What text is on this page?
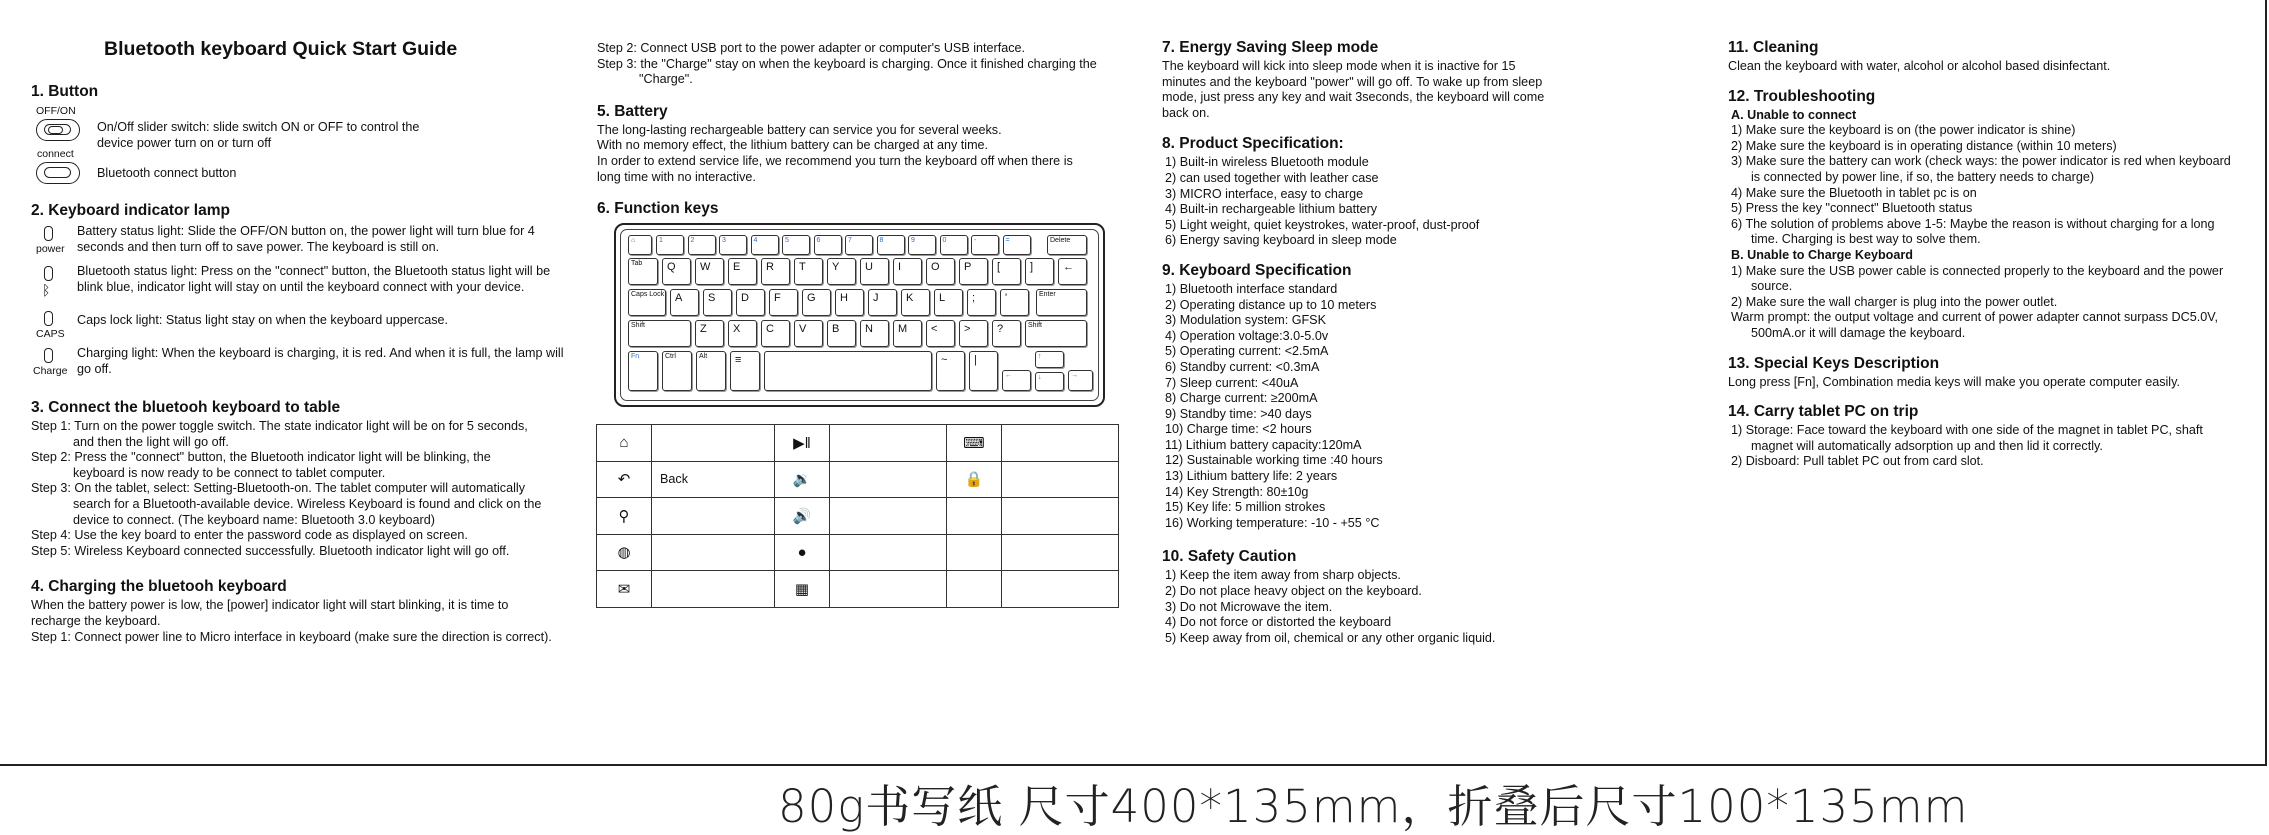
Bluetooth keyboard Quick Start Guide
1. Button
OFF/ON

On/Off slider switch: slide switch ON or OFF to control the device power turn on or turn off

connect

Bluetooth connect button

2. Keyboard indicator lamp
power

Battery status light: Slide the OFF/ON button on, the power light will turn blue for 4 seconds and then turn off to save power. The keyboard is still on.

ᛒ

Bluetooth status light: Press on the "connect" button, the Bluetooth status light will be blink blue, indicator light will stay on until the keyboard connect with your device.

CAPS

Caps lock light: Status light stay on when the keyboard uppercase.

Charge

Charging light: When the keyboard is charging, it is red. And when it is full, the lamp will go off.

3. Connect the bluetooh keyboard to table

Step 1: Turn on the power toggle switch. The state indicator light will be on for 5 seconds, and then the light will go off.

Step 2: Press the "connect" button, the Bluetooth indicator light will be blinking, the keyboard is now ready to be connect to tablet computer.

Step 3: On the tablet, select: Setting-Bluetooth-on. The tablet computer will automatically search for a Bluetooth-available device. Wireless Keyboard is found and click on the device to connect. (The keyboard name: Bluetooth 3.0 keyboard)

Step 4: Use the key board to enter the password code as displayed on screen.

Step 5: Wireless Keyboard connected successfully. Bluetooth indicator light will go off.

4. Charging the bluetooh keyboard

When the battery power is low, the [power] indicator light will start blinking, it is time to recharge the keyboard.

Step 1: Connect power line to Micro interface in keyboard (make sure the direction is correct).

Step 2: Connect USB port to the power adapter or computer's USB interface.

Step 3: the "Charge" stay on when the keyboard is charging. Once it finished charging the "Charge".

5. Battery

The long-lasting rechargeable battery can service you for several weeks.

With no memory effect, the lithium battery can be charged at any time.

In order to extend service life, we recommend you turn the keyboard off when there is long time with no interactive.

6. Function keys
⌂	1	2	3	4	5	6	7	8	9	0	-	=	Delete
Tab Q W E R T Y U I	O P [	]	←
Caps Lock A S D F G H J	K L ;	'	Enter
Shift	Z X C V B N M < > ?	Shift
Fn	Ctrl	Alt	≡	~ |
←
↑
↓	→
⌂		▶‖		⌨	
↶	Back	🔉		🔒	
⚲		🔊			
◍		●			
✉		▦			
7. Energy Saving Sleep mode

The keyboard will kick into sleep mode when it is inactive for 15 minutes and the keyboard "power" will go off. To wake up from sleep mode, just press any key and wait 3seconds, the keyboard will come back on.

8. Product Specification:

1) Built-in wireless Bluetooth module

2) can used together with leather case

3) MICRO interface, easy to charge

4) Built-in rechargeable lithium battery

5) Light weight, quiet keystrokes, water-proof, dust-proof

6) Energy saving keyboard in sleep mode

9. Keyboard Specification

1) Bluetooth interface standard

2) Operating distance up to 10 meters

3) Modulation system: GFSK

4) Operation voltage:3.0-5.0v

5) Operating current: <2.5mA

6) Standby current: <0.3mA

7) Sleep current: <40uA

8) Charge current: ≥200mA

9) Standby time: >40 days

10) Charge time: <2 hours

11) Lithium battery capacity:120mA

12) Sustainable working time :40 hours

13) Lithium battery life: 2 years

14) Key Strength: 80±10g

15) Key life: 5 million strokes

16) Working temperature: -10 - +55 °C

10. Safety Caution

1) Keep the item away from sharp objects.

2) Do not place heavy object on the keyboard.

3) Do not Microwave the item.

4) Do not force or distorted the keyboard

5) Keep away from oil, chemical or any other organic liquid.

11. Cleaning

Clean the keyboard with water, alcohol or alcohol based disinfectant.

12. Troubleshooting

A. Unable to connect

1) Make sure the keyboard is on (the power indicator is shine)

2) Make sure the keyboard is in operating distance (within 10 meters)

3) Make sure the battery can work (check ways: the power indicator is red when keyboard is connected by power line, if so, the battery needs to charge)

4) Make sure the Bluetooth in tablet pc is on

5) Press the key "connect" Bluetooth status

6) The solution of problems above 1-5: Maybe the reason is without charging for a long time. Charging is best way to solve them.

B. Unable to Charge Keyboard

1) Make sure the USB power cable is connected properly to the keyboard and the power source.

2) Make sure the wall charger is plug into the power outlet.

Warm prompt: the output voltage and current of power adapter cannot surpass DC5.0V, 500mA.or it will damage the keyboard.

13. Special Keys Description

Long press [Fn], Combination media keys will make you operate computer easily.

14. Carry tablet PC on trip

1) Storage: Face toward the keyboard with one side of the magnet in tablet PC, shaft magnet will automatically adsorption up and then lid it correctly.

2) Disboard: Pull tablet PC out from card slot.

80g书写纸 尺寸400*135mm，折叠后尺寸100*135mm
